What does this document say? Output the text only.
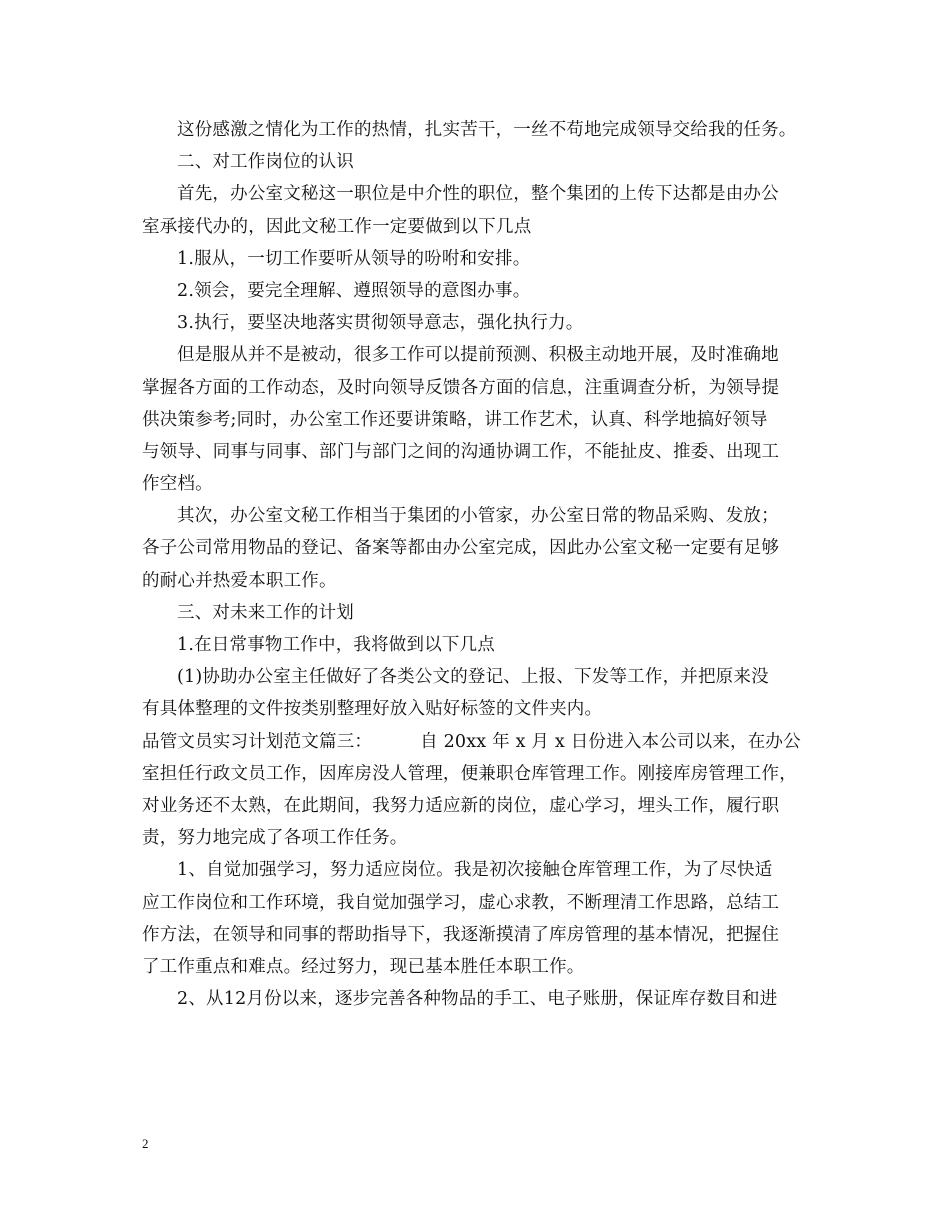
这份感激之情化为工作的热情，扎实苦干，一丝不苟地完成领导交给我的任务。
二、对工作岗位的认识
首先，办公室文秘这一职位是中介性的职位，整个集团的上传下达都是由办公
室承接代办的，因此文秘工作一定要做到以下几点
1.服从，一切工作要听从领导的吩咐和安排。
2.领会，要完全理解、遵照领导的意图办事。
3.执行，要坚决地落实贯彻领导意志，强化执行力。
但是服从并不是被动，很多工作可以提前预测、积极主动地开展，及时准确地
掌握各方面的工作动态，及时向领导反馈各方面的信息，注重调查分析，为领导提
供决策参考;同时，办公室工作还要讲策略，讲工作艺术，认真、科学地搞好领导
与领导、同事与同事、部门与部门之间的沟通协调工作，不能扯皮、推委、出现工
作空档。
其次，办公室文秘工作相当于集团的小管家，办公室日常的物品采购、发放；
各子公司常用物品的登记、备案等都由办公室完成，因此办公室文秘一定要有足够
的耐心并热爱本职工作。
三、对未来工作的计划
1.在日常事物工作中，我将做到以下几点
(1)协助办公室主任做好了各类公文的登记、上报、下发等工作，并把原来没
有具体整理的文件按类别整理好放入贴好标签的文件夹内。
品管文员实习计划范文篇三：	自 20xx 年 x 月 x 日份进入本公司以来，在办公
室担任行政文员工作，因库房没人管理，便兼职仓库管理工作。刚接库房管理工作，
对业务还不太熟，在此期间，我努力适应新的岗位，虚心学习，埋头工作，履行职
责，努力地完成了各项工作任务。
1、自觉加强学习，努力适应岗位。我是初次接触仓库管理工作，为了尽快适
应工作岗位和工作环境，我自觉加强学习，虚心求教，不断理清工作思路，总结工
作方法，在领导和同事的帮助指导下，我逐渐摸清了库房管理的基本情况，把握住
了工作重点和难点。经过努力，现已基本胜任本职工作。
2、从12月份以来，逐步完善各种物品的手工、电子账册，保证库存数目和进
2
